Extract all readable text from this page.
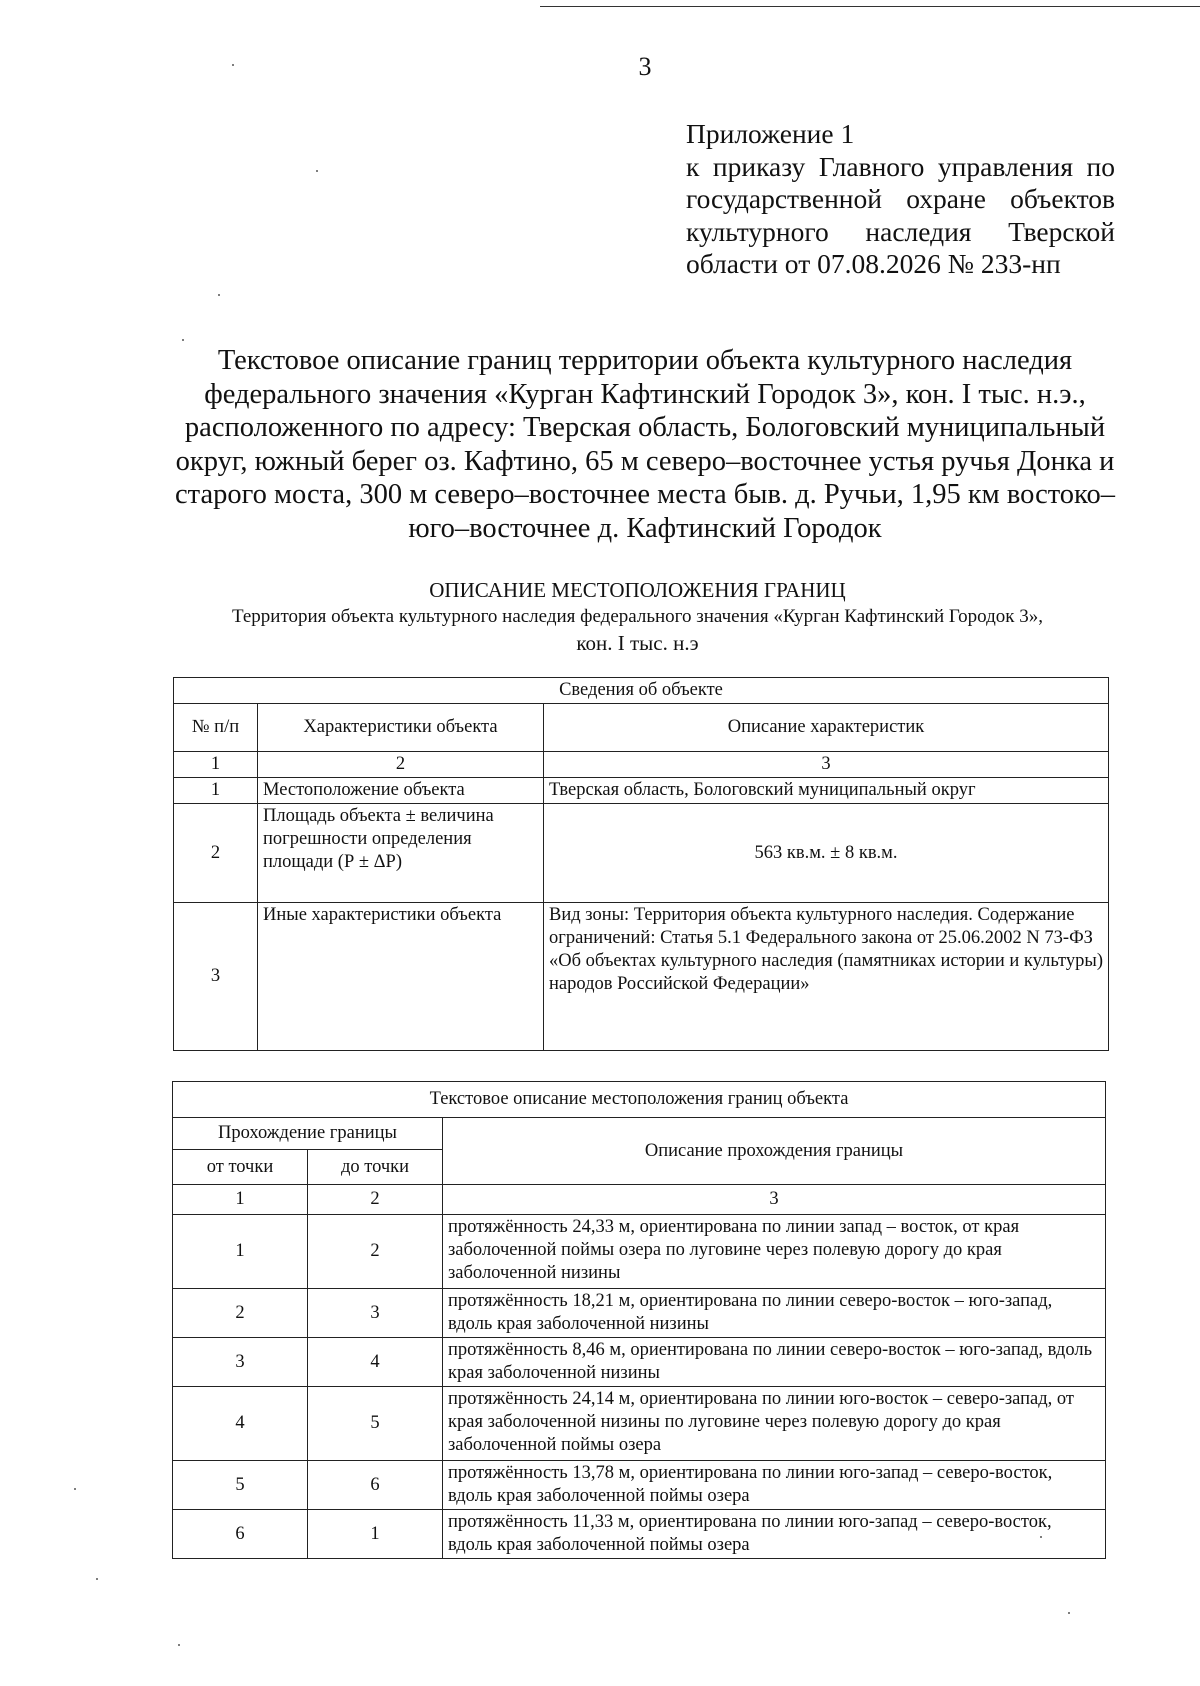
3
Приложение 1
к приказу Главного управления по
государственной охране объектов
культурного наследия Тверской
области от 07.08.2026 № 233-нп
Текстовое описание границ территории объекта культурного наследия
федерального значения «Курган Кафтинский Городок 3», кон. I тыс. н.э.,
расположенного по адресу: Тверская область, Бологовский муниципальный
округ, южный берег оз. Кафтино, 65 м северо–восточнее устья ручья Донка и
старого моста, 300 м северо–восточнее места быв. д. Ручьи, 1,95 км востоко–
юго–восточнее д. Кафтинский Городок
ОПИСАНИЕ МЕСТОПОЛОЖЕНИЯ ГРАНИЦ
Территория объекта культурного наследия федерального значения «Курган Кафтинский Городок 3»,
кон. I тыс. н.э
Сведения об объекте		
№ п/п	Характеристики объекта	Описание характеристик
1	2	3
1	Местоположение объекта	Тверская область, Бологовский муниципальный округ
2	Площадь объекта ± величина погрешности определения площади (Р ± ΔР)	563 кв.м. ± 8 кв.м.
3	Иные характеристики объекта	Вид зоны: Территория объекта культурного наследия. Содержание ограничений: Статья 5.1 Федерального закона от 25.06.2002 N 73-ФЗ «Об объектах культурного наследия (памятниках истории и культуры) народов Российской Федерации»
Текстовое описание местоположения границ объекта		
Прохождение границы		Описание прохождения границы
от точки	до точки	
1	2	3
1	2	протяжённость 24,33 м, ориентирована по линии запад – восток, от края заболоченной поймы озера по луговине через полевую дорогу до края заболоченной низины
2	3	протяжённость 18,21 м, ориентирована по линии северо-восток – юго-запад, вдоль края заболоченной низины
3	4	протяжённость 8,46 м, ориентирована по линии северо-восток – юго-запад, вдоль края заболоченной низины
4	5	протяжённость 24,14 м, ориентирована по линии юго-восток – северо-запад, от края заболоченной низины по луговине через полевую дорогу до края заболоченной поймы озера
5	6	протяжённость 13,78 м, ориентирована по линии юго-запад – северо-восток, вдоль края заболоченной поймы озера
6	1	протяжённость 11,33 м, ориентирована по линии юго-запад – северо-восток, вдоль края заболоченной поймы озера
